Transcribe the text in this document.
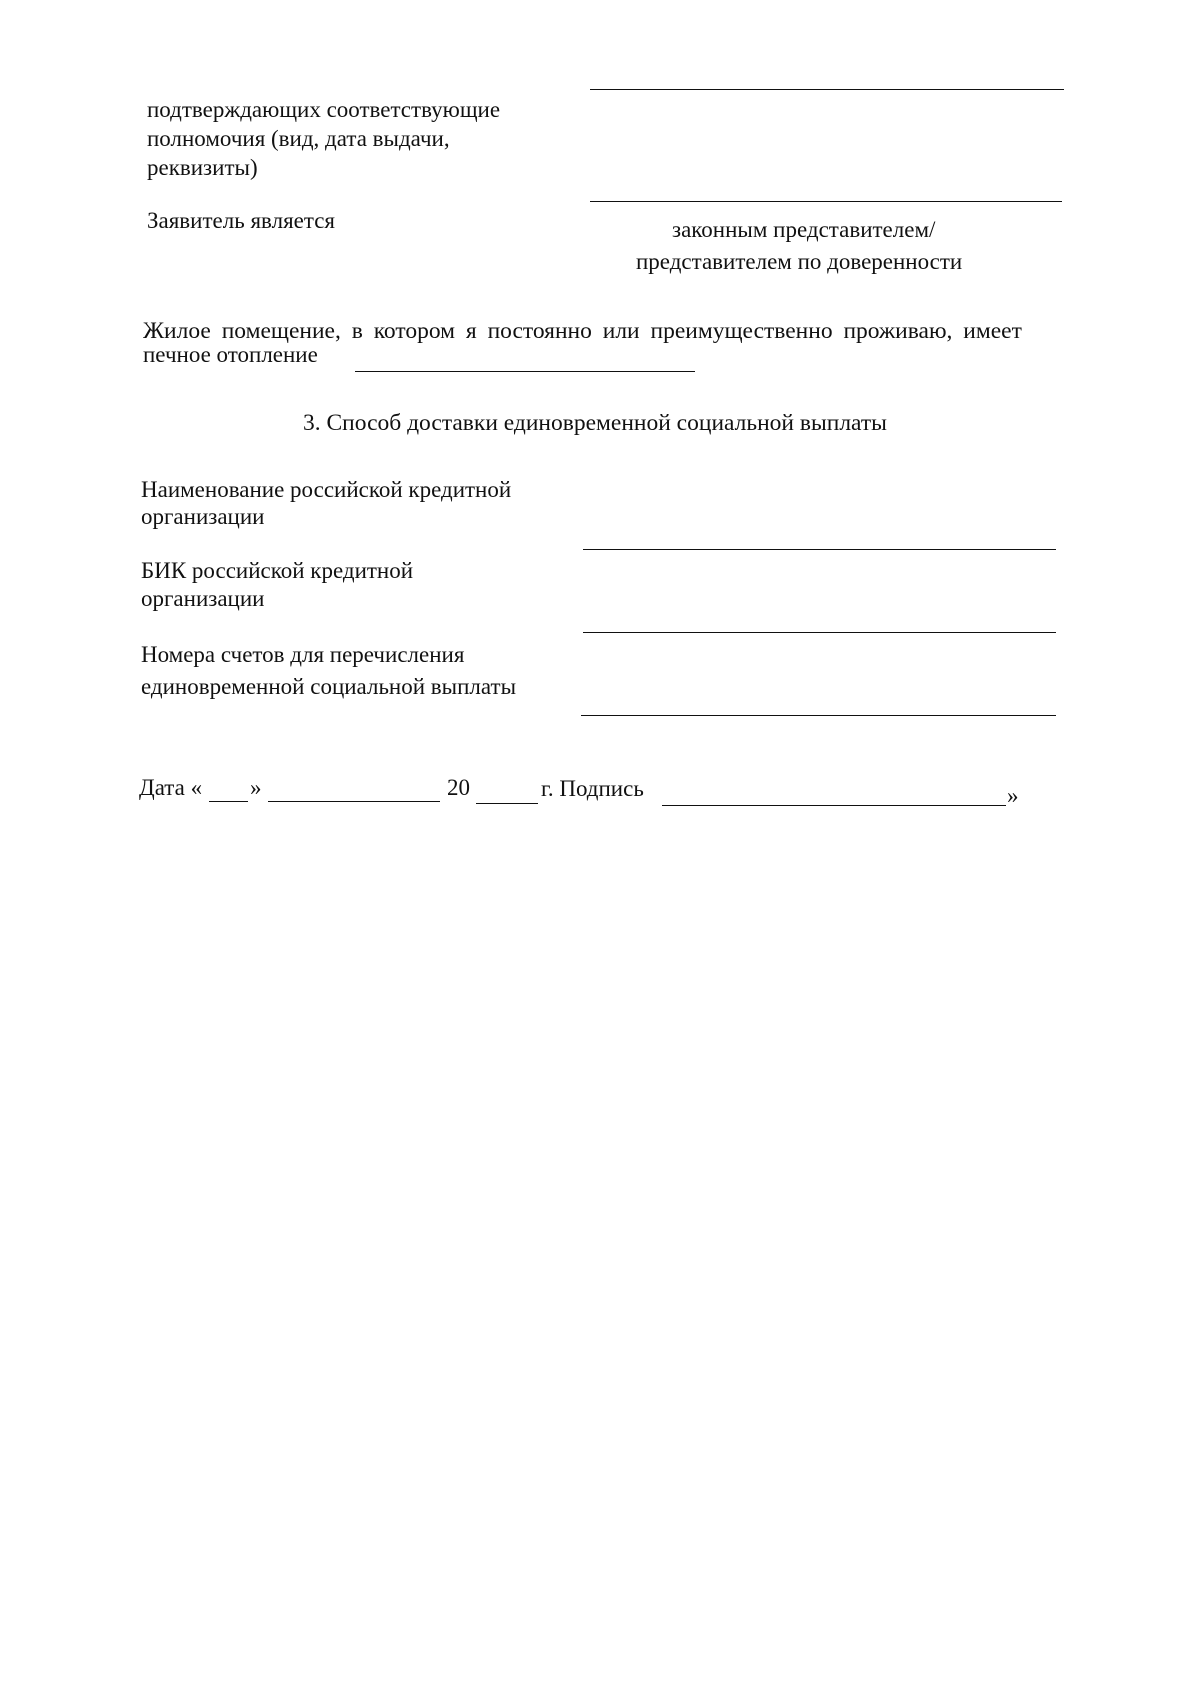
подтверждающих соответствующие
полномочия (вид, дата выдачи,
реквизиты)
Заявитель является	законным представителем/
представителем по доверенности
Жилое помещение, в котором я постоянно или преимущественно проживаю, имеет
печное отопление
3. Способ доставки единовременной социальной выплаты
Наименование российской кредитной
организации
БИК российской кредитной
организации
Номера счетов для перечисления
единовременной социальной выплаты
Дата « »	20	г. Подпись	»
